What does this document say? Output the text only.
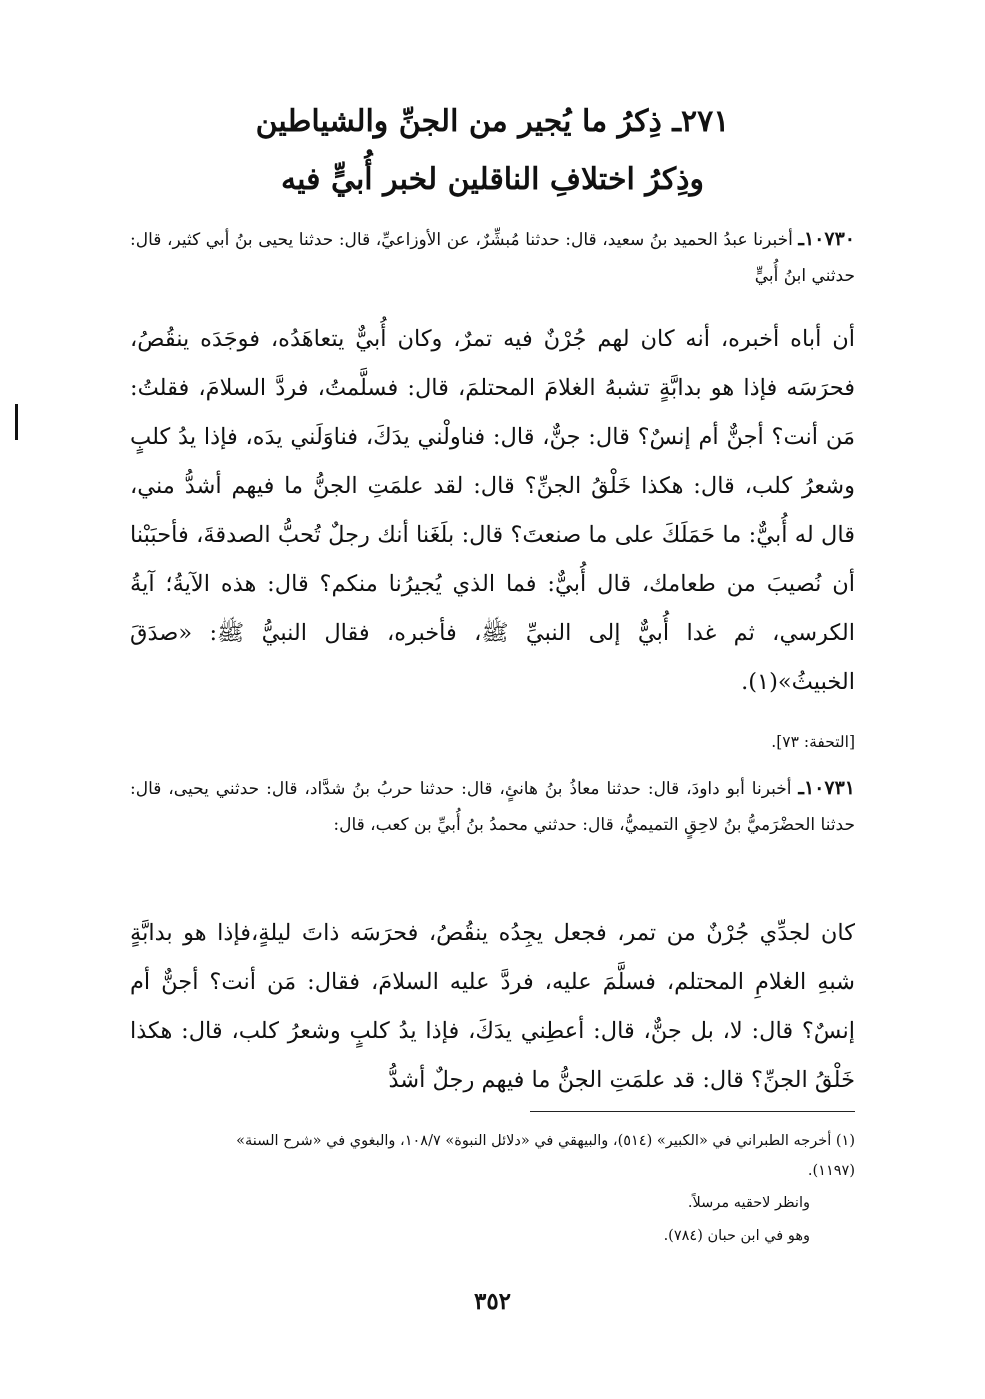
٢٧١ـ ذِكرُ ما يُجير من الجنِّ والشياطين
وذِكرُ اختلافِ الناقلين لخبر أُبيٍّ فيه
١٠٧٣٠ـ أخبرنا عبدُ الحميد بنُ سعيد، قال: حدثنا مُبشِّرٌ، عن الأوزاعيِّ، قال: حدثنا يحيى بنُ أبي كثير، قال: حدثني ابنُ أُبيٍّ
أن أباه أخبره، أنه كان لهم جُرْنٌ فيه تمرٌ، وكان أُبيٌّ يتعاهَدُه، فوجَدَه ينقُصُ، فحرَسَه فإذا هو بدابَّةٍ تشبهُ الغلامَ المحتلمَ، قال: فسلَّمتُ، فردَّ السلامَ، فقلتُ: مَن أنت؟ أجنٌّ أم إنسٌ؟ قال: جنٌّ، قال: فناولْني يدَكَ، فناوَلَني يدَه، فإذا يدُ كلبٍ وشعرُ كلب، قال: هكذا خَلْقُ الجنِّ؟ قال: لقد علمَتِ الجنُّ ما فيهم أشدُّ مني، قال له أُبيٌّ: ما حَمَلَكَ على ما صنعتَ؟ قال: بلَغَنا أنك رجلٌ تُحبُّ الصدقةَ، فأحبَبْنا أن نُصيبَ من طعامك، قال أُبيٌّ: فما الذي يُجيرُنا منكم؟ قال: هذه الآيةُ؛ آيةُ الكرسي، ثم غدا أُبيٌّ إلى النبيِّ ﷺ، فأخبره، فقال النبيُّ ﷺ: «صدَقَ الخبيثُ»(١).
[التحفة: ٧٣].
١٠٧٣١ـ أخبرنا أبو داودَ، قال: حدثنا معاذُ بنُ هانئٍ، قال: حدثنا حربُ بنُ شدَّاد، قال: حدثني يحيى، قال: حدثنا الحضْرَميُّ بنُ لاحِقٍ التميميُّ، قال: حدثني محمدُ بنُ أُبيِّ بن كعب، قال:
كان لجدِّي جُرْنٌ من تمر، فجعل يجِدُه ينقُصُ، فحرَسَه ذاتَ ليلةٍ،فإذا هو بدابَّةٍ شبهِ الغلامِ المحتلم، فسلَّمَ عليه، فردَّ عليه السلامَ، فقال: مَن أنت؟ أجنٌّ أم إنسٌ؟ قال: لا، بل جنٌّ، قال: أعطِني يدَكَ، فإذا يدُ كلبٍ وشعرُ كلب، قال: هكذا خَلْقُ الجنِّ؟ قال: قد علمَتِ الجنُّ ما فيهم رجلٌ أشدُّ
(١) أخرجه الطبراني في «الكبير» (٥١٤)، والبيهقي في «دلائل النبوة» ١٠٨/٧، والبغوي في «شرح السنة»
(١١٩٧).
وانظر لاحقيه مرسلاً.
وهو في ابن حبان (٧٨٤).
٣٥٢
